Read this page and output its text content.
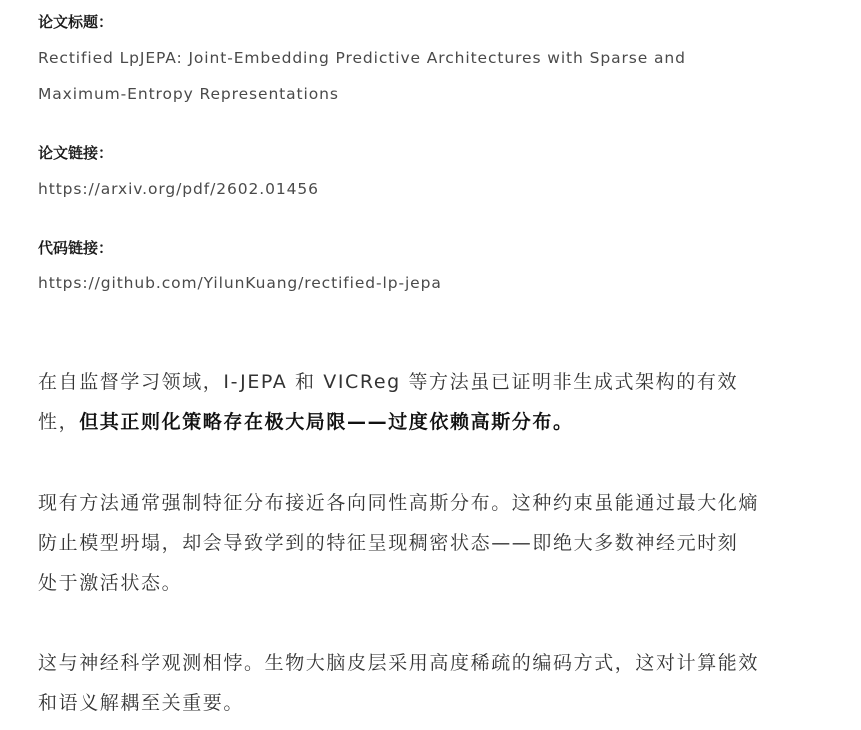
论文标题：
Rectified LpJEPA: Joint-Embedding Predictive Architectures with Sparse and
Maximum-Entropy Representations
论文链接：
https://arxiv.org/pdf/2602.01456
代码链接：
https://github.com/YilunKuang/rectified-lp-jepa
在自监督学习领域，I-JEPA 和 VICReg 等方法虽已证明非生成式架构的有效
性，但其正则化策略存在极大局限——过度依赖高斯分布。
现有方法通常强制特征分布接近各向同性高斯分布。这种约束虽能通过最大化熵
防止模型坍塌，却会导致学到的特征呈现稠密状态——即绝大多数神经元时刻
处于激活状态。
这与神经科学观测相悖。生物大脑皮层采用高度稀疏的编码方式，这对计算能效
和语义解耦至关重要。
